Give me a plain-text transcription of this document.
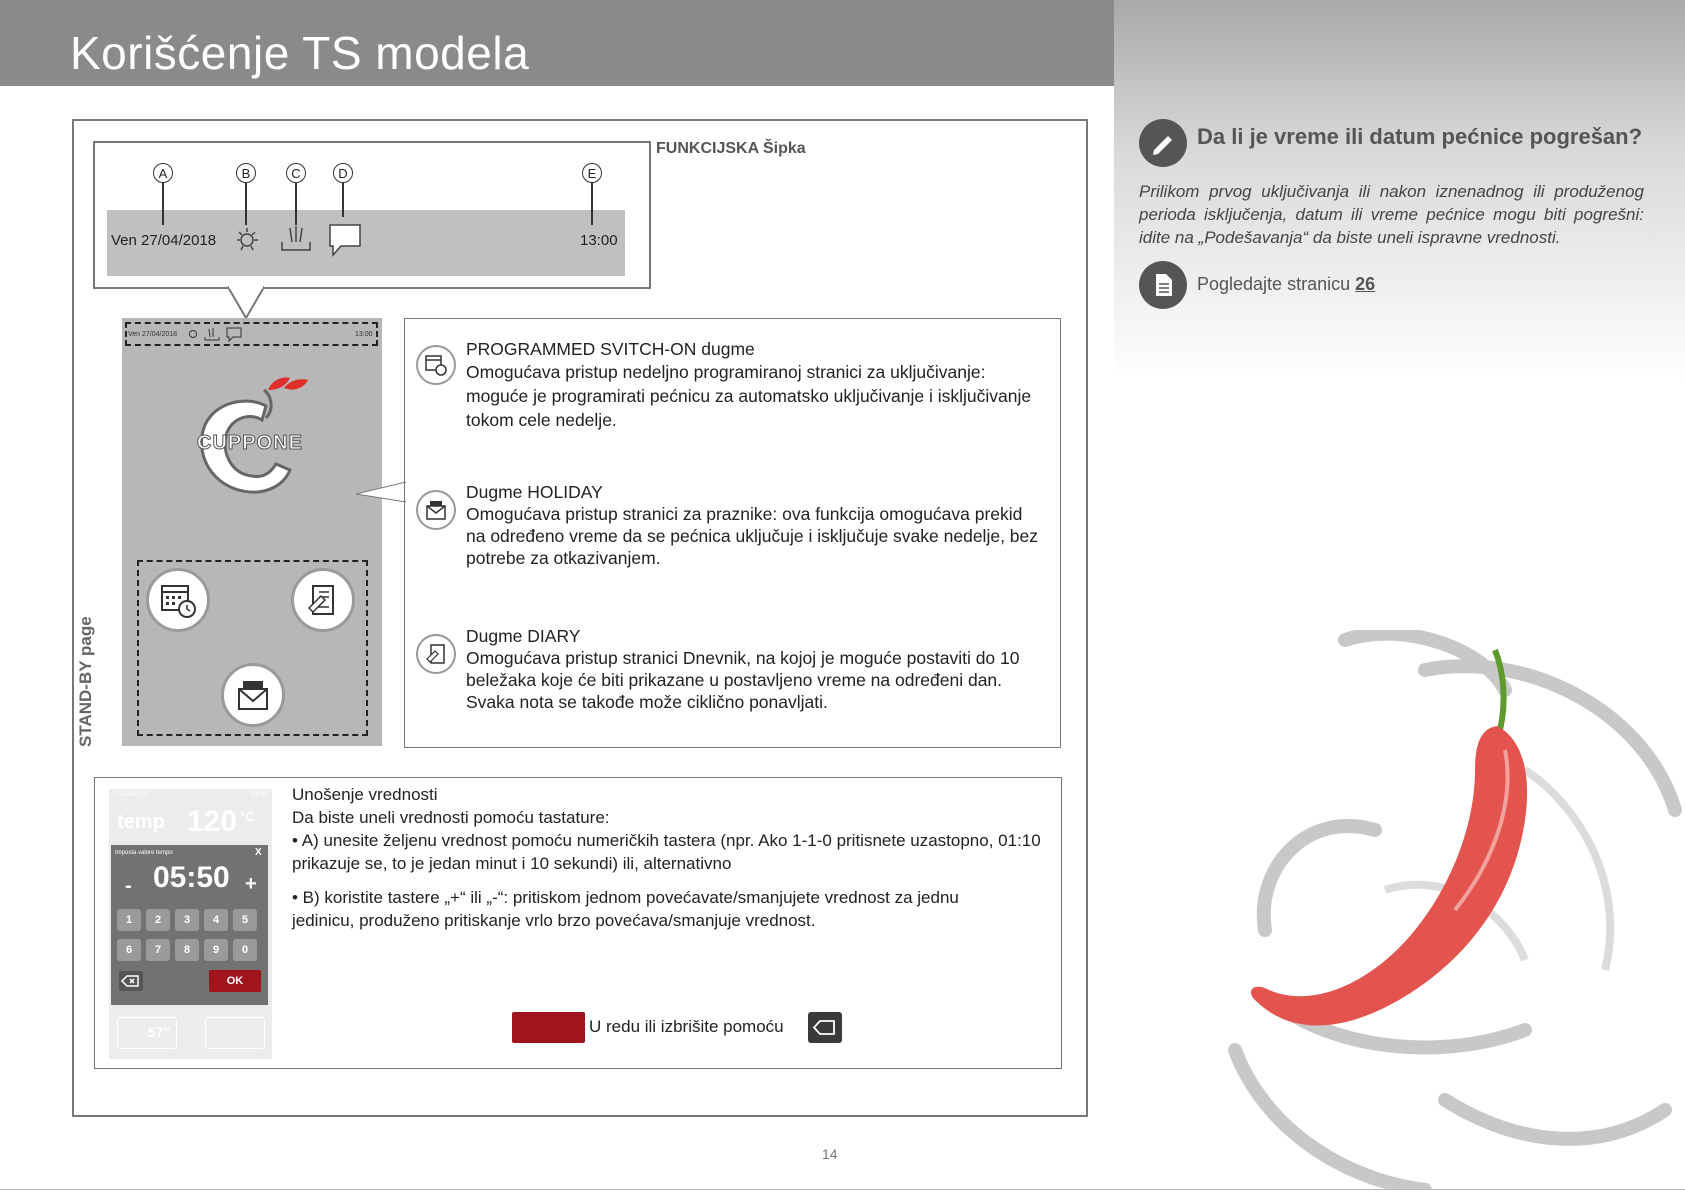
Korišćenje TS modela
FUNKCIJSKA Šipka
A	B	C	D	E
Ven 27/04/2018	13:00
STAND-BY page
Ven 27/04/2018	13:00
CUPPONE
PROGRAMMED SVITCH-ON dugme
Omogućava pristup nedeljno programiranoj stranici za uključivanje: moguće je programirati pećnicu za automatsko uključivanje i isključivanje tokom cele nedelje.
Dugme HOLIDAY
Omogućava pristup stranici za praznike: ova funkcija omogućava prekid na određeno vreme da se pećnica uključuje i isključuje svake nedelje, bez potrebe za otkazivanjem.
Dugme DIARY
Omogućava pristup stranici Dnevnik, na kojoj je moguće postaviti do 10 beležaka koje će biti prikazane u postavljeno vreme na određeni dan. Svaka nota se takođe može ciklično ponavljati.
27/04/2018	13:00
temp 120 °C
Imposta valore tempo	X
- 05:50 +
1	2	3	4	5
6	7	8	9	0
OK
57"
Unošenje vrednosti
Da biste uneli vrednosti pomoću tastature:
• A) unesite željenu vrednost pomoću numeričkih tastera (npr. Ako 1-1-0 pritisnete uzastopno, 01:10 prikazuje se, to je jedan minut i 10 sekundi) ili, alternativno
• B) koristite tastere „+“ ili „-“: pritiskom jednom povećavate/smanjujete vrednost za jednu jedinicu, produženo pritiskanje vrlo brzo povećava/smanjuje vrednost.
U redu ili izbrišite pomoću
Da li je vreme ili datum pećnice pogrešan?
Prilikom prvog uključivanja ili nakon iznenadnog ili produženog perioda isključenja, datum ili vreme pećnice mogu biti pogrešni: idite na „Podešavanja“ da biste uneli ispravne vrednosti.
Pogledajte stranicu 26
14
